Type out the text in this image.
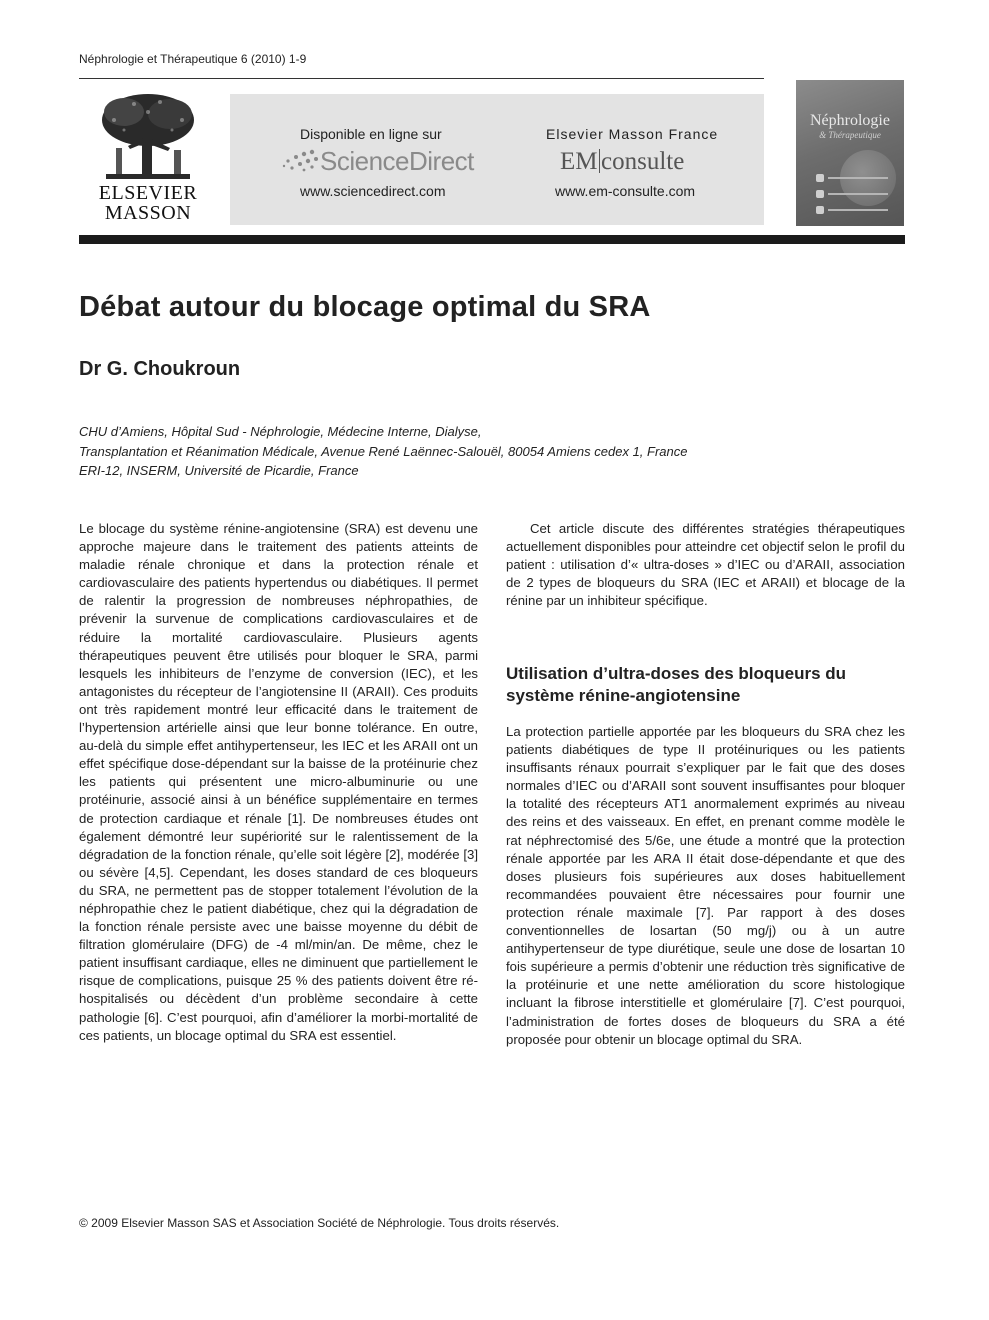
Néphrologie et Thérapeutique 6 (2010) 1-9
ELSEVIER
MASSON
Disponible en ligne sur
ScienceDirect
www.sciencedirect.com
Elsevier Masson France
EM consulte
www.em-consulte.com
Néphrologie
& Thérapeutique
Débat autour du blocage optimal du SRA
Dr G. Choukroun
CHU d’Amiens, Hôpital Sud - Néphrologie, Médecine Interne, Dialyse,
Transplantation et Réanimation Médicale, Avenue René Laënnec-Salouël, 80054 Amiens cedex 1, France
ERI-12, INSERM, Université de Picardie, France

Le blocage du système rénine-angiotensine (SRA) est devenu une approche majeure dans le traitement des patients atteints de maladie rénale chronique et dans la protection rénale et cardiovasculaire des patients hypertendus ou diabétiques. Il permet de ralentir la progression de nombreuses néphropathies, de prévenir la survenue de complications cardiovasculaires et de réduire la mortalité cardiovasculaire. Plusieurs agents thérapeutiques peuvent être utilisés pour bloquer le SRA, parmi lesquels les inhibiteurs de l’enzyme de conversion (IEC), et les antagonistes du récepteur de l’angiotensine II (ARAII). Ces produits ont très rapidement montré leur efficacité dans le traitement de l’hypertension artérielle ainsi que leur bonne tolérance. En outre, au-delà du simple effet antihypertenseur, les IEC et les ARAII ont un effet spécifique dose-dépendant sur la baisse de la protéinurie chez les patients qui présentent une micro-albuminurie ou une protéinurie, associé ainsi à un bénéfice supplémentaire en termes de protection cardiaque et rénale [1]. De nombreuses études ont également démontré leur supériorité sur le ralentissement de la dégradation de la fonction rénale, qu’elle soit légère [2], modérée [3] ou sévère [4,5]. Cependant, les doses standard de ces bloqueurs du SRA, ne permettent pas de stopper totalement l’évolution de la néphropathie chez le patient diabétique, chez qui la dégradation de la fonction rénale persiste avec une baisse moyenne du débit de filtration glomérulaire (DFG) de -4 ml/min/an. De même, chez le patient insuffisant cardiaque, elles ne diminuent que partiellement le risque de complications, puisque 25 % des patients doivent être ré-hospitalisés ou décèdent d’un problème secondaire à cette pathologie [6]. C’est pourquoi, afin d’améliorer la morbi-mortalité de ces patients, un blocage optimal du SRA est essentiel.

Cet article discute des différentes stratégies thérapeutiques actuellement disponibles pour atteindre cet objectif selon le profil du patient : utilisation d’« ultra-doses » d’IEC ou d’ARAII, association de 2 types de bloqueurs du SRA (IEC et ARAII) et blocage de la rénine par un inhibiteur spécifique.

Utilisation d’ultra-doses des bloqueurs du système rénine-angiotensine

La protection partielle apportée par les bloqueurs du SRA chez les patients diabétiques de type II protéinuriques ou les patients insuffisants rénaux pourrait s’expliquer par le fait que des doses normales d’IEC ou d’ARAII sont souvent insuffisantes pour bloquer la totalité des récepteurs AT1 anormalement exprimés au niveau des reins et des vaisseaux. En effet, en prenant comme modèle le rat néphrectomisé des 5/6e, une étude a montré que la protection rénale apportée par les ARA II était dose-dépendante et que des doses plusieurs fois supérieures aux doses habituellement recommandées pouvaient être nécessaires pour fournir une protection rénale maximale [7]. Par rapport à des doses conventionnelles de losartan (50 mg/j) ou à un autre antihypertenseur de type diurétique, seule une dose de losartan 10 fois supérieure a permis d’obtenir une réduction très significative de la protéinurie et une nette amélioration du score histologique incluant la fibrose interstitielle et glomérulaire [7]. C’est pourquoi, l’administration de fortes doses de bloqueurs du SRA a été proposée pour obtenir un blocage optimal du SRA.

© 2009 Elsevier Masson SAS et Association Société de Néphrologie. Tous droits réservés.
